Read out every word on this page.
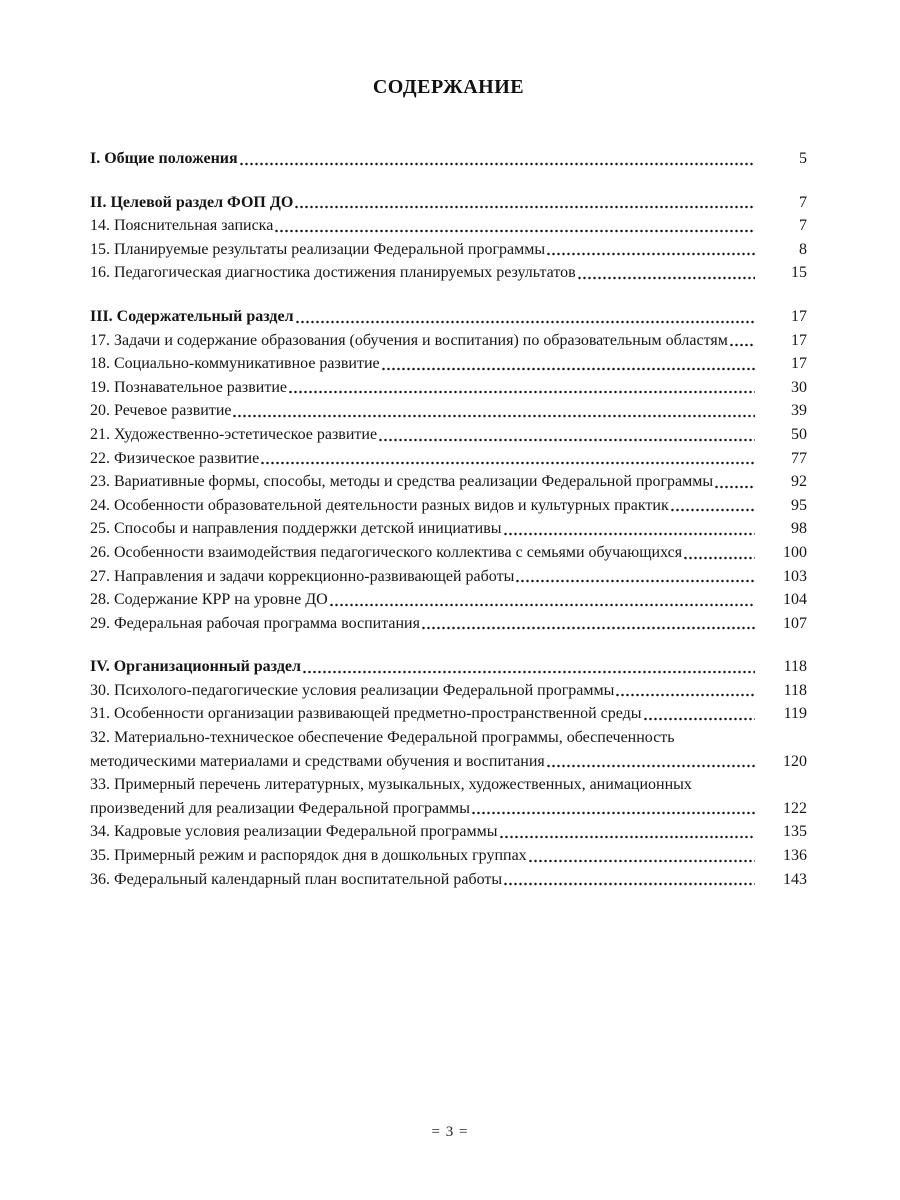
СОДЕРЖАНИЕ
I. Общие положения	5
II. Целевой раздел ФОП ДО	7
14. Пояснительная записка	7
15. Планируемые результаты реализации Федеральной программы	8
16. Педагогическая диагностика достижения планируемых результатов	15
III. Содержательный раздел	17
17. Задачи и содержание образования (обучения и воспитания) по образовательным областям	17
18. Социально-коммуникативное развитие	17
19. Познавательное развитие	30
20. Речевое развитие	39
21. Художественно-эстетическое развитие	50
22. Физическое развитие	77
23. Вариативные формы, способы, методы и средства реализации Федеральной программы	92
24. Особенности образовательной деятельности разных видов и культурных практик	95
25. Способы и направления поддержки детской инициативы	98
26. Особенности взаимодействия педагогического коллектива с семьями обучающихся	100
27. Направления и задачи коррекционно-развивающей работы	103
28. Содержание КРР на уровне ДО	104
29. Федеральная рабочая программа воспитания	107
IV. Организационный раздел	118
30. Психолого-педагогические условия реализации Федеральной программы	118
31. Особенности организации развивающей предметно-пространственной среды	119
32. Материально-техническое обеспечение Федеральной программы, обеспеченность
методическими материалами и средствами обучения и воспитания	120
33. Примерный перечень литературных, музыкальных, художественных, анимационных
произведений для реализации Федеральной программы	122
34. Кадровые условия реализации Федеральной программы	135
35. Примерный режим и распорядок дня в дошкольных группах	136
36. Федеральный календарный план воспитательной работы	143
= 3 =
